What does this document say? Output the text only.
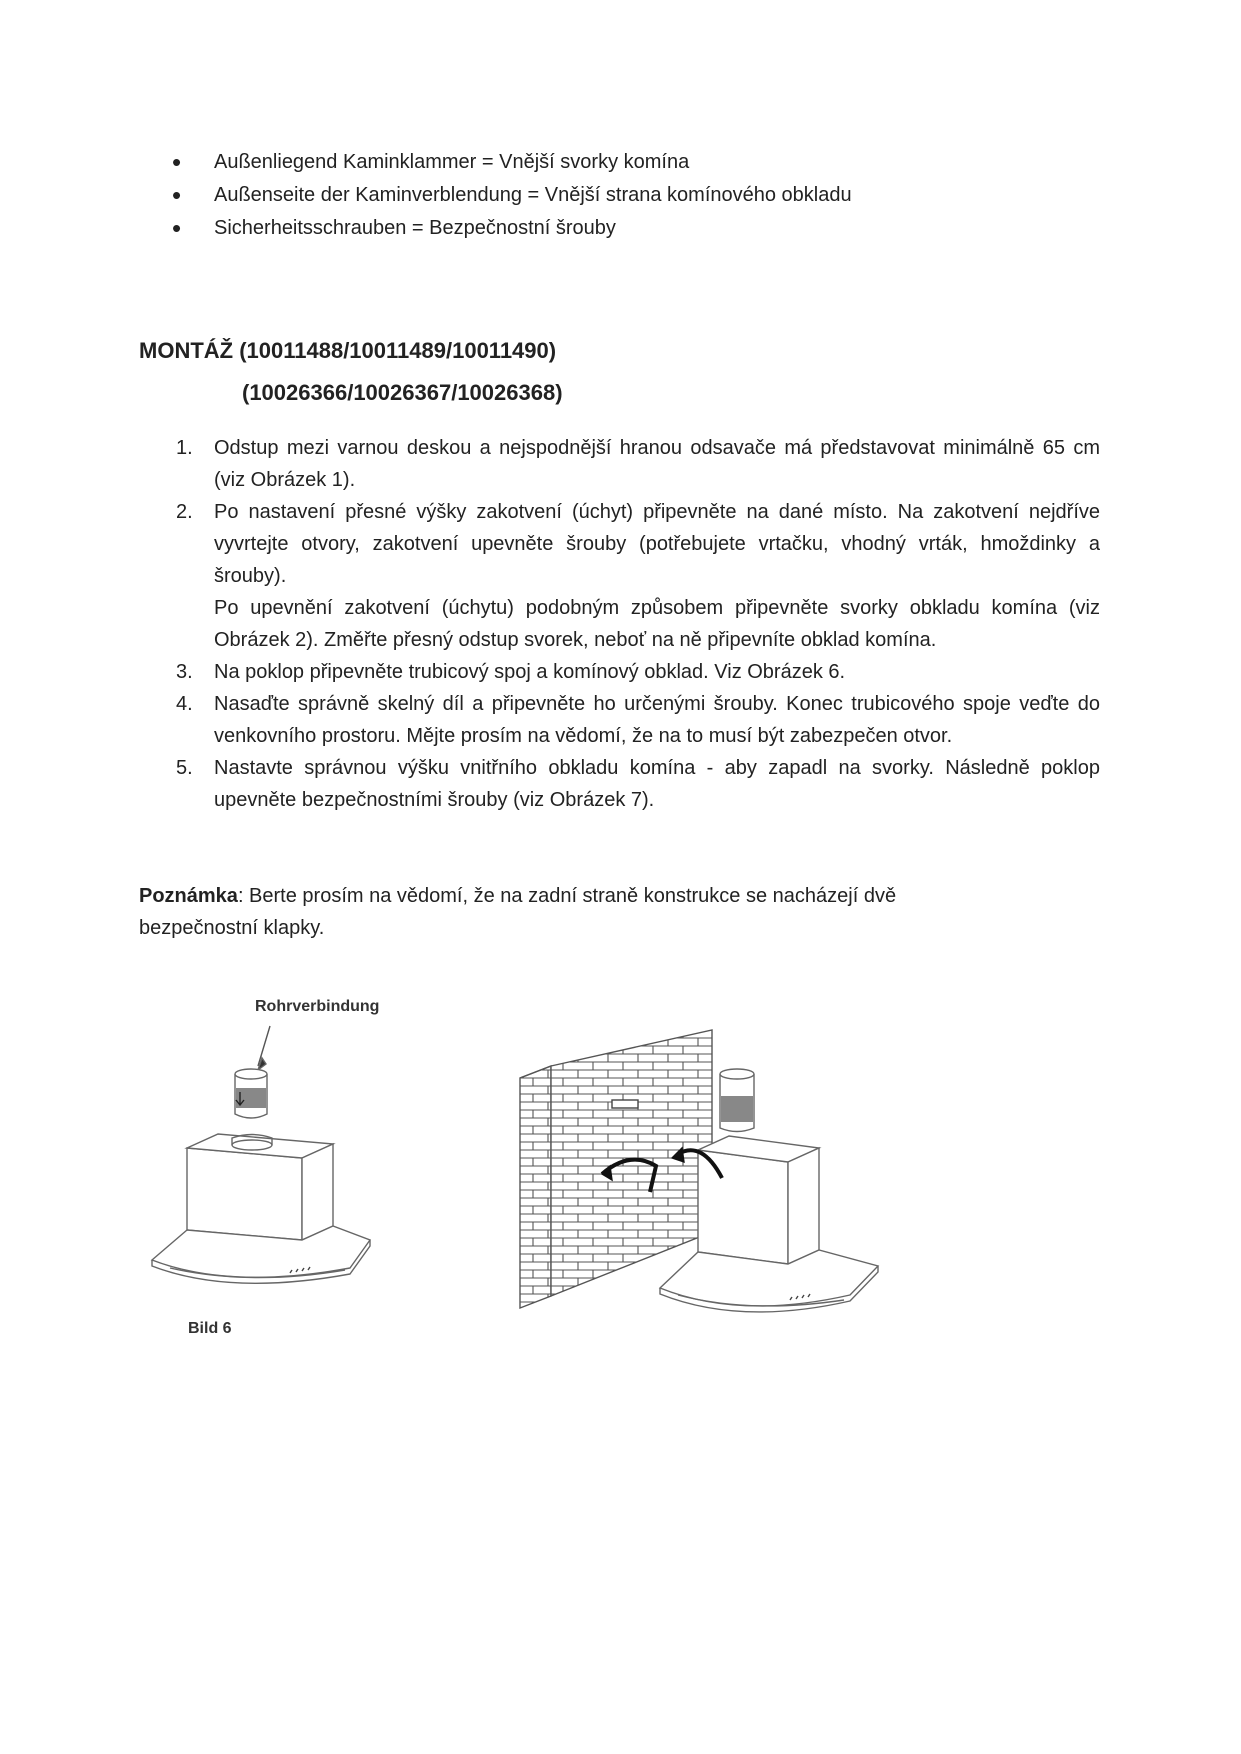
• Außenliegend Kaminklammer = Vnější svorky komína
• Außenseite der Kaminverblendung = Vnější strana komínového obkladu
• Sicherheitsschrauben = Bezpečnostní šrouby
MONTÁŽ (10011488/10011489/10011490)
(10026366/10026367/10026368)
1. Odstup mezi varnou deskou a nejspodnější hranou odsavače má představovat minimálně 65 cm (viz Obrázek 1).
2. Po nastavení přesné výšky zakotvení (úchyt) připevněte na dané místo. Na zakotvení nejdříve vyvrtejte otvory, zakotvení upevněte šrouby (potřebujete vrtačku, vhodný vrták, hmoždinky a šrouby).
Po upevnění zakotvení (úchytu) podobným způsobem připevněte svorky obkladu komína (viz Obrázek 2). Změřte přesný odstup svorek, neboť na ně připevníte obklad komína.
3. Na poklop připevněte trubicový spoj a komínový obklad. Viz Obrázek 6.
4. Nasaďte správně skelný díl a připevněte ho určenými šrouby. Konec trubicového spoje veďte do venkovního prostoru. Mějte prosím na vědomí, že na to musí být zabezpečen otvor.
5. Nastavte správnou výšku vnitřního obkladu komína - aby zapadl na svorky. Následně poklop upevněte bezpečnostními šrouby (viz Obrázek 7).

Poznámka: Berte prosím na vědomí, že na zadní straně konstrukce se nacházejí dvě bezpečnostní klapky.

Rohrverbindung
Bild 6
